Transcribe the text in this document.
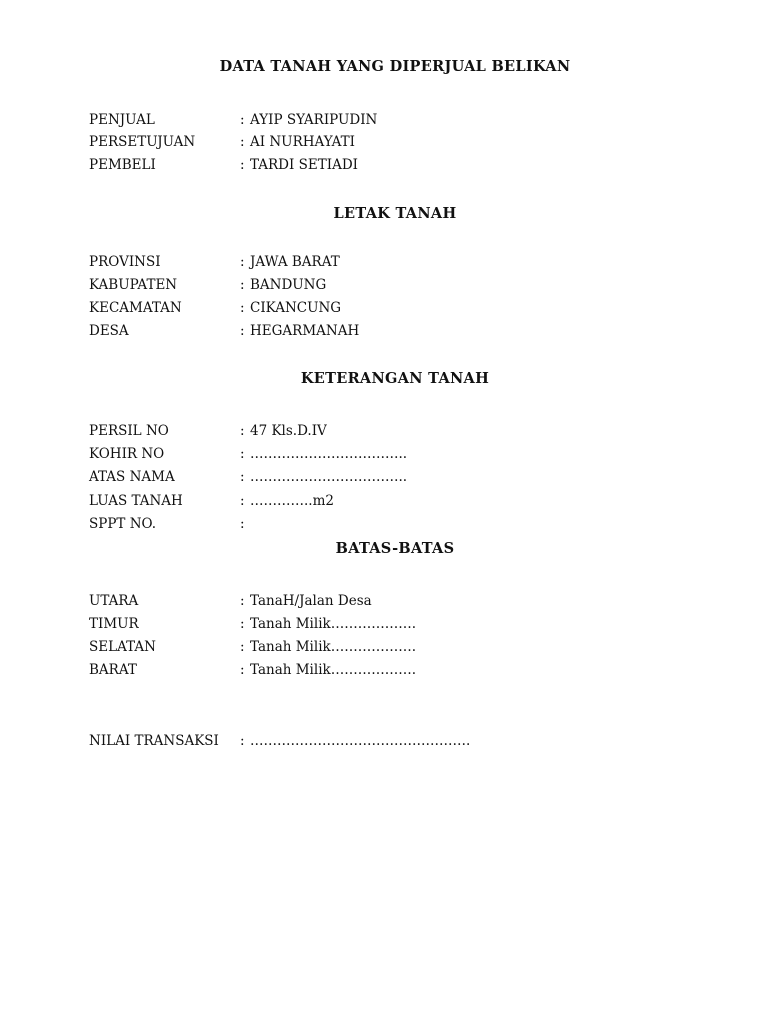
DATA TANAH YANG DIPERJUAL BELIKAN
PENJUAL	: AYIP SYARIPUDIN
PERSETUJUAN	: AI NURHAYATI
PEMBELI	: TARDI SETIADI
LETAK TANAH
PROVINSI	: JAWA BARAT
KABUPATEN	: BANDUNG
KECAMATAN	: CIKANCUNG
DESA	: HEGARMANAH
KETERANGAN TANAH
PERSIL NO	: 47 Kls.D.IV
KOHIR NO	: ……………………………..
ATAS NAMA	: ……………………………..
LUAS TANAH	: …………..m2
SPPT NO.	:
BATAS-BATAS
UTARA	: TanaH/Jalan Desa
TIMUR	: Tanah Milik……………….
SELATAN	: Tanah Milik……………….
BARAT	: Tanah Milik……………….
NILAI TRANSAKSI : ………………………………………….
